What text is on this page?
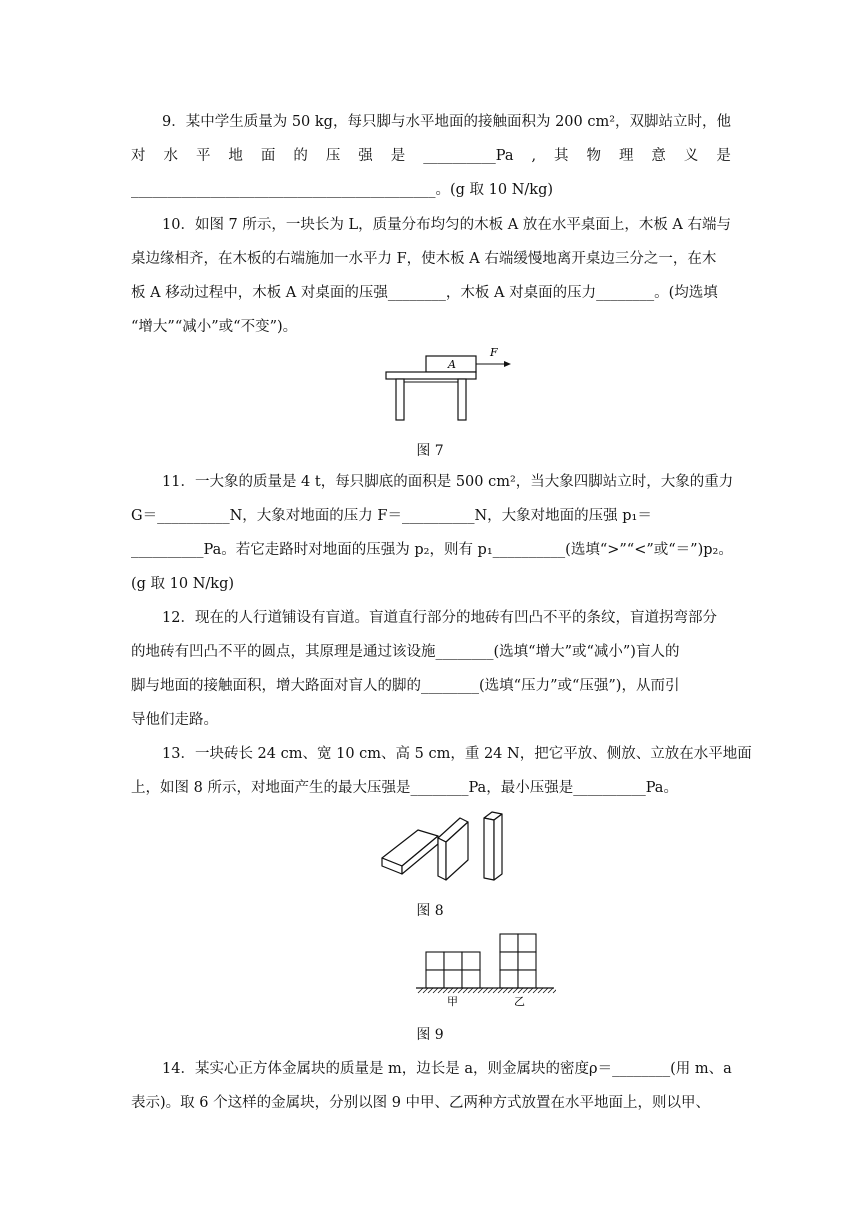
9．某中学生质量为 50 kg，每只脚与水平地面的接触面积为 200 cm²，双脚站立时，他
对 水 平 地 面 的 压 强 是 __________Pa , 其 物 理 意 义 是
__________________________________________。(g 取 10 N/kg)
10．如图 7 所示，一块长为 L，质量分布均匀的木板 A 放在水平桌面上，木板 A 右端与
桌边缘相齐，在木板的右端施加一水平力 F，使木板 A 右端缓慢地离开桌边三分之一，在木
板 A 移动过程中，木板 A 对桌面的压强________，木板 A 对桌面的压力________。(均选填
“增大”“减小”或“不变”)。
A
F
图 7
11．一大象的质量是 4 t，每只脚底的面积是 500 cm²，当大象四脚站立时，大象的重力
G＝__________N，大象对地面的压力 F＝__________N，大象对地面的压强 p₁＝
__________Pa。若它走路时对地面的压强为 p₂，则有 p₁__________(选填“>”“<”或“＝”)p₂。
(g 取 10 N/kg)
12．现在的人行道铺设有盲道。盲道直行部分的地砖有凹凸不平的条纹，盲道拐弯部分
的地砖有凹凸不平的圆点，其原理是通过该设施________(选填“增大”或“减小”)盲人的
脚与地面的接触面积，增大路面对盲人的脚的________(选填“压力”或“压强”)，从而引
导他们走路。
13．一块砖长 24 cm、宽 10 cm、高 5 cm，重 24 N，把它平放、侧放、立放在水平地面
上，如图 8 所示，对地面产生的最大压强是________Pa，最小压强是__________Pa。
图 8
甲	乙
图 9
14．某实心正方体金属块的质量是 m，边长是 a，则金属块的密度ρ＝________(用 m、a
表示)。取 6 个这样的金属块，分别以图 9 中甲、乙两种方式放置在水平地面上，则以甲、
